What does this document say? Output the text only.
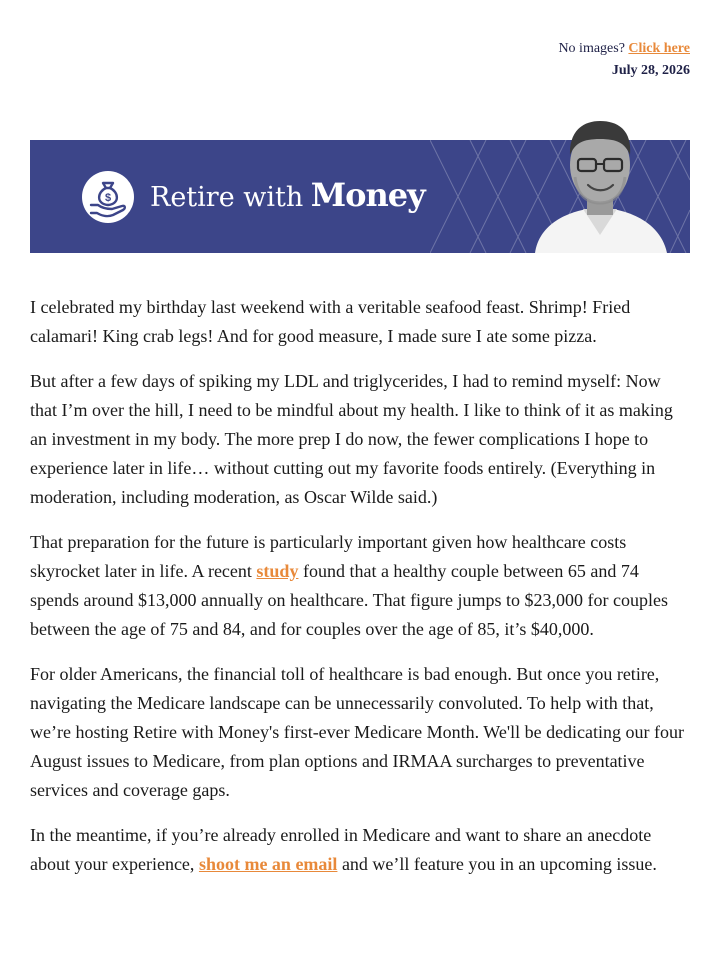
No images? Click here
July 28, 2026
$ Retire with Money

I celebrated my birthday last weekend with a veritable seafood feast. Shrimp! Fried calamari! King crab legs! And for good measure, I made sure I ate some pizza.

But after a few days of spiking my LDL and triglycerides, I had to remind myself: Now that I’m over the hill, I need to be mindful about my health. I like to think of it as making an investment in my body. The more prep I do now, the fewer complications I hope to experience later in life… without cutting out my favorite foods entirely. (Everything in moderation, including moderation, as Oscar Wilde said.)

That preparation for the future is particularly important given how healthcare costs skyrocket later in life. A recent study found that a healthy couple between 65 and 74 spends around $13,000 annually on healthcare. That figure jumps to $23,000 for couples between the age of 75 and 84, and for couples over the age of 85, it’s $40,000.

For older Americans, the financial toll of healthcare is bad enough. But once you retire, navigating the Medicare landscape can be unnecessarily convoluted. To help with that, we’re hosting Retire with Money's first-ever Medicare Month. We'll be dedicating our four August issues to Medicare, from plan options and IRMAA surcharges to preventative services and coverage gaps.

In the meantime, if you’re already enrolled in Medicare and want to share an anecdote about your experience, shoot me an email and we’ll feature you in an upcoming issue.
